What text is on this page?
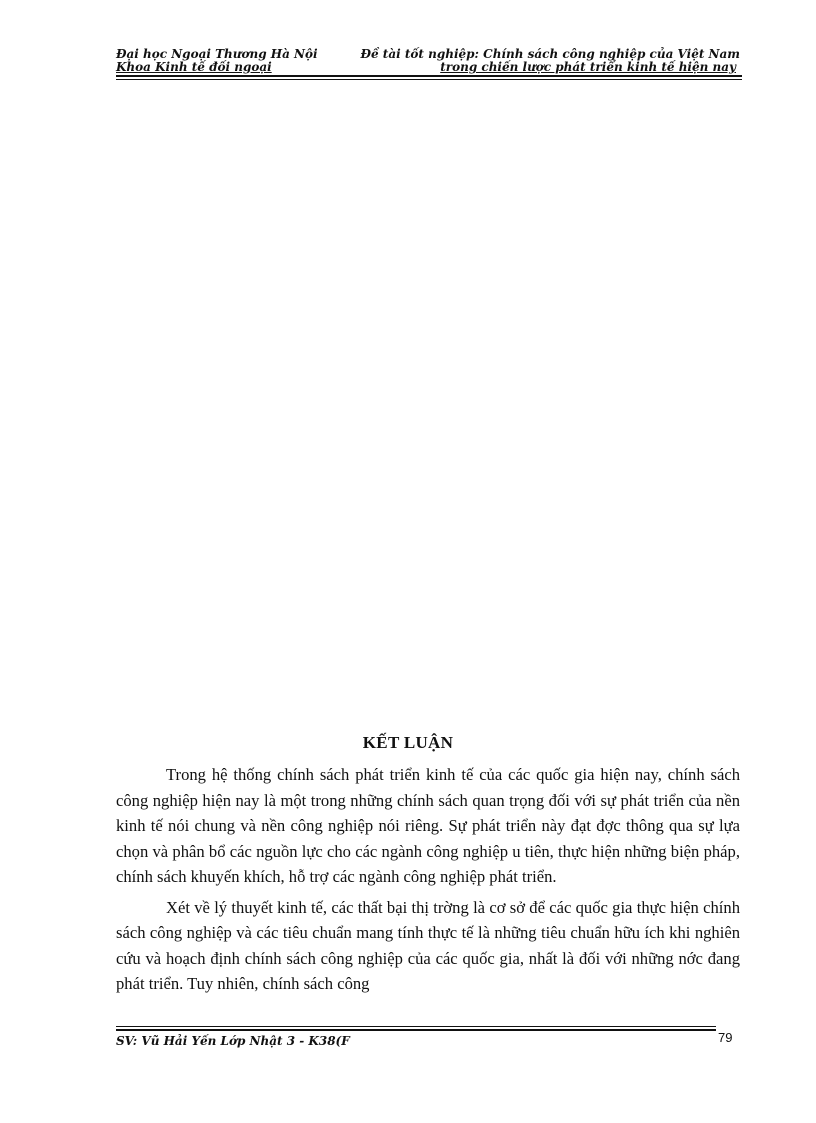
Đại học Ngoại Thương Hà Nội	Đề tài tốt nghiệp: Chính sách công nghiệp của Việt Nam
Khoa Kinh tế đối ngoại	trong chiến lược phát triển kinh tế hiện nay
KẾT LUẬN

Trong hệ thống chính sách phát triển kinh tế của các quốc gia hiện nay, chính sách công nghiệp hiện nay là một trong những chính sách quan trọng đối với sự phát triển của nền kinh tế nói chung và nền công nghiệp nói riêng. Sự phát triển này đạt đợc thông qua sự lựa chọn và phân bổ các nguồn lực cho các ngành công nghiệp u tiên, thực hiện những biện pháp, chính sách khuyến khích, hỗ trợ các ngành công nghiệp phát triển.

Xét về lý thuyết kinh tế, các thất bại thị trờng là cơ sở để các quốc gia thực hiện chính sách công nghiệp và các tiêu chuẩn mang tính thực tế là những tiêu chuẩn hữu ích khi nghiên cứu và hoạch định chính sách công nghiệp của các quốc gia, nhất là đối với những nớc đang phát triển. Tuy nhiên, chính sách công

SV: Vũ Hải Yến Lớp Nhật 3 - K38(F	79
